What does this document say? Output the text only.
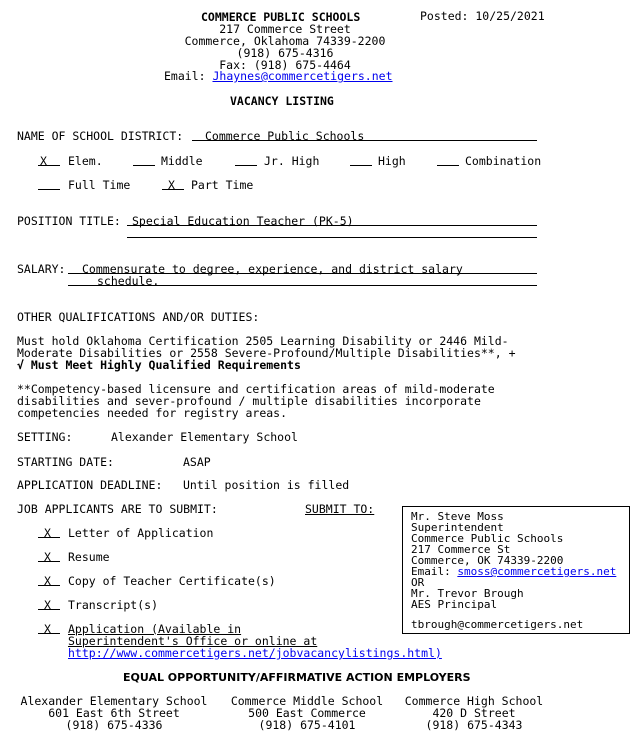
COMMERCE PUBLIC SCHOOLS	Posted: 10/25/2021
217 Commerce Street
Commerce, Oklahoma 74339-2200
(918) 675-4316
Fax: (918) 675-4464
Email: Jhaynes@commercetigers.net
VACANCY LISTING
NAME OF SCHOOL DISTRICT: Commerce Public Schools
X Elem.	Middle	Jr. High	High	Combination
Full Time	X Part Time
POSITION TITLE: Special Education Teacher (PK-5)
SALARY: Commensurate to degree, experience, and district salary
schedule.
OTHER QUALIFICATIONS AND/OR DUTIES:
Must hold Oklahoma Certification 2505 Learning Disability or 2446 Mild-
Moderate Disabilities or 2558 Severe-Profound/Multiple Disabilities**, +
√ Must Meet Highly Qualified Requirements
**Competency-based licensure and certification areas of mild-moderate
disabilities and sever-profound / multiple disabilities incorporate
competencies needed for registry areas.
SETTING:	Alexander Elementary School
STARTING DATE:	ASAP
APPLICATION DEADLINE: Until position is filled
JOB APPLICANTS ARE TO SUBMIT:	SUBMIT TO:
X Letter of Application
X Resume
X Copy of Teacher Certificate(s)
X Transcript(s)
X Application (Available in
Superintendent's Office or online at
http://www.commercetigers.net/jobvacancylistings.html)
Mr. Steve Moss
Superintendent
Commerce Public Schools
217 Commerce St
Commerce, OK 74339-2200
Email: smoss@commercetigers.net
OR
Mr. Trevor Brough
AES Principal
tbrough@commercetigers.net
EQUAL OPPORTUNITY/AFFIRMATIVE ACTION EMPLOYERS
Alexander Elementary School
601 East 6th Street
(918) 675-4336
Commerce Middle School
500 East Commerce
(918) 675-4101
Commerce High School
420 D Street
(918) 675-4343
